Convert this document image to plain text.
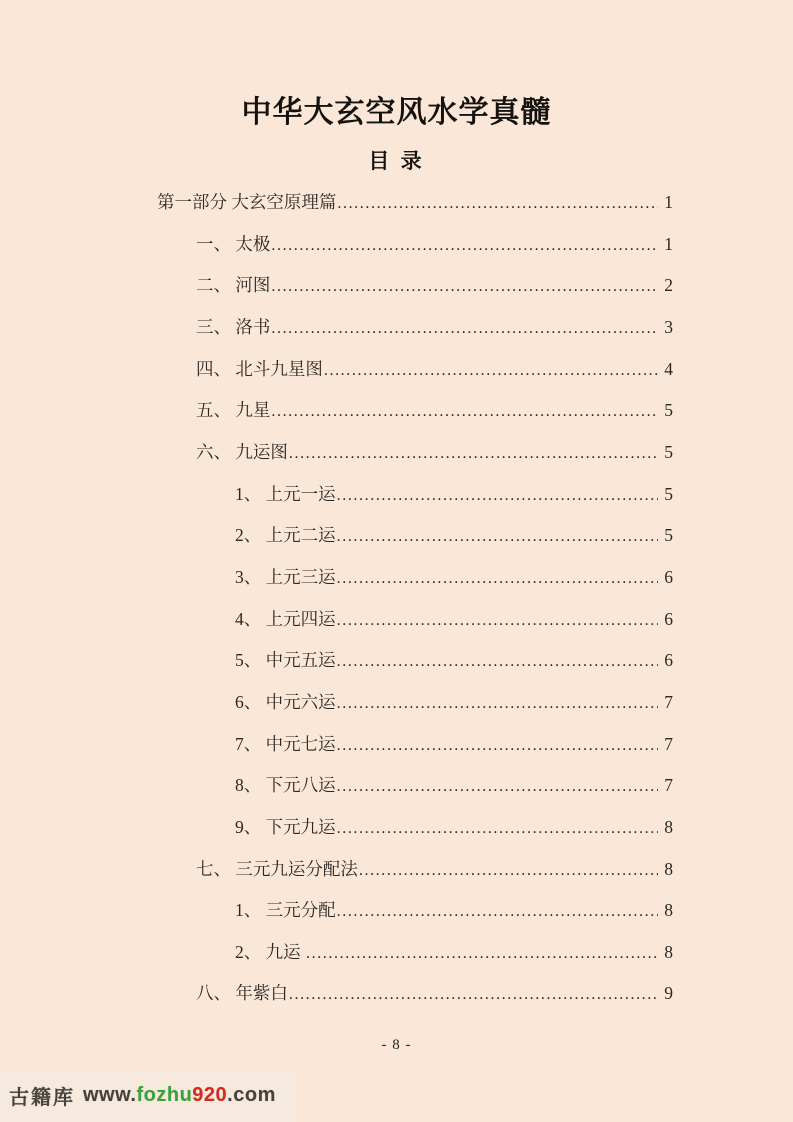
中华大玄空风水学真髓
目 录
第一部分 大玄空原理篇 .....	1
一、 太极 .....	1
二、 河图 .....	2
三、 洛书 .....	3
四、 北斗九星图 .....	4
五、 九星 .....	5
六、 九运图 .....	5
1、 上元一运 .....	5
2、 上元二运 .....	5
3、 上元三运 .....	6
4、 上元四运 .....	6
5、 中元五运 .....	6
6、 中元六运 .....	7
7、 中元七运 .....	7
8、 下元八运 .....	7
9、 下元九运 .....	8
七、 三元九运分配法 .....	8
1、 三元分配 .....	8
2、 九运 .....	8
八、 年紫白 .....	9
- 8 -
古籍库 www.fozhu920.com
